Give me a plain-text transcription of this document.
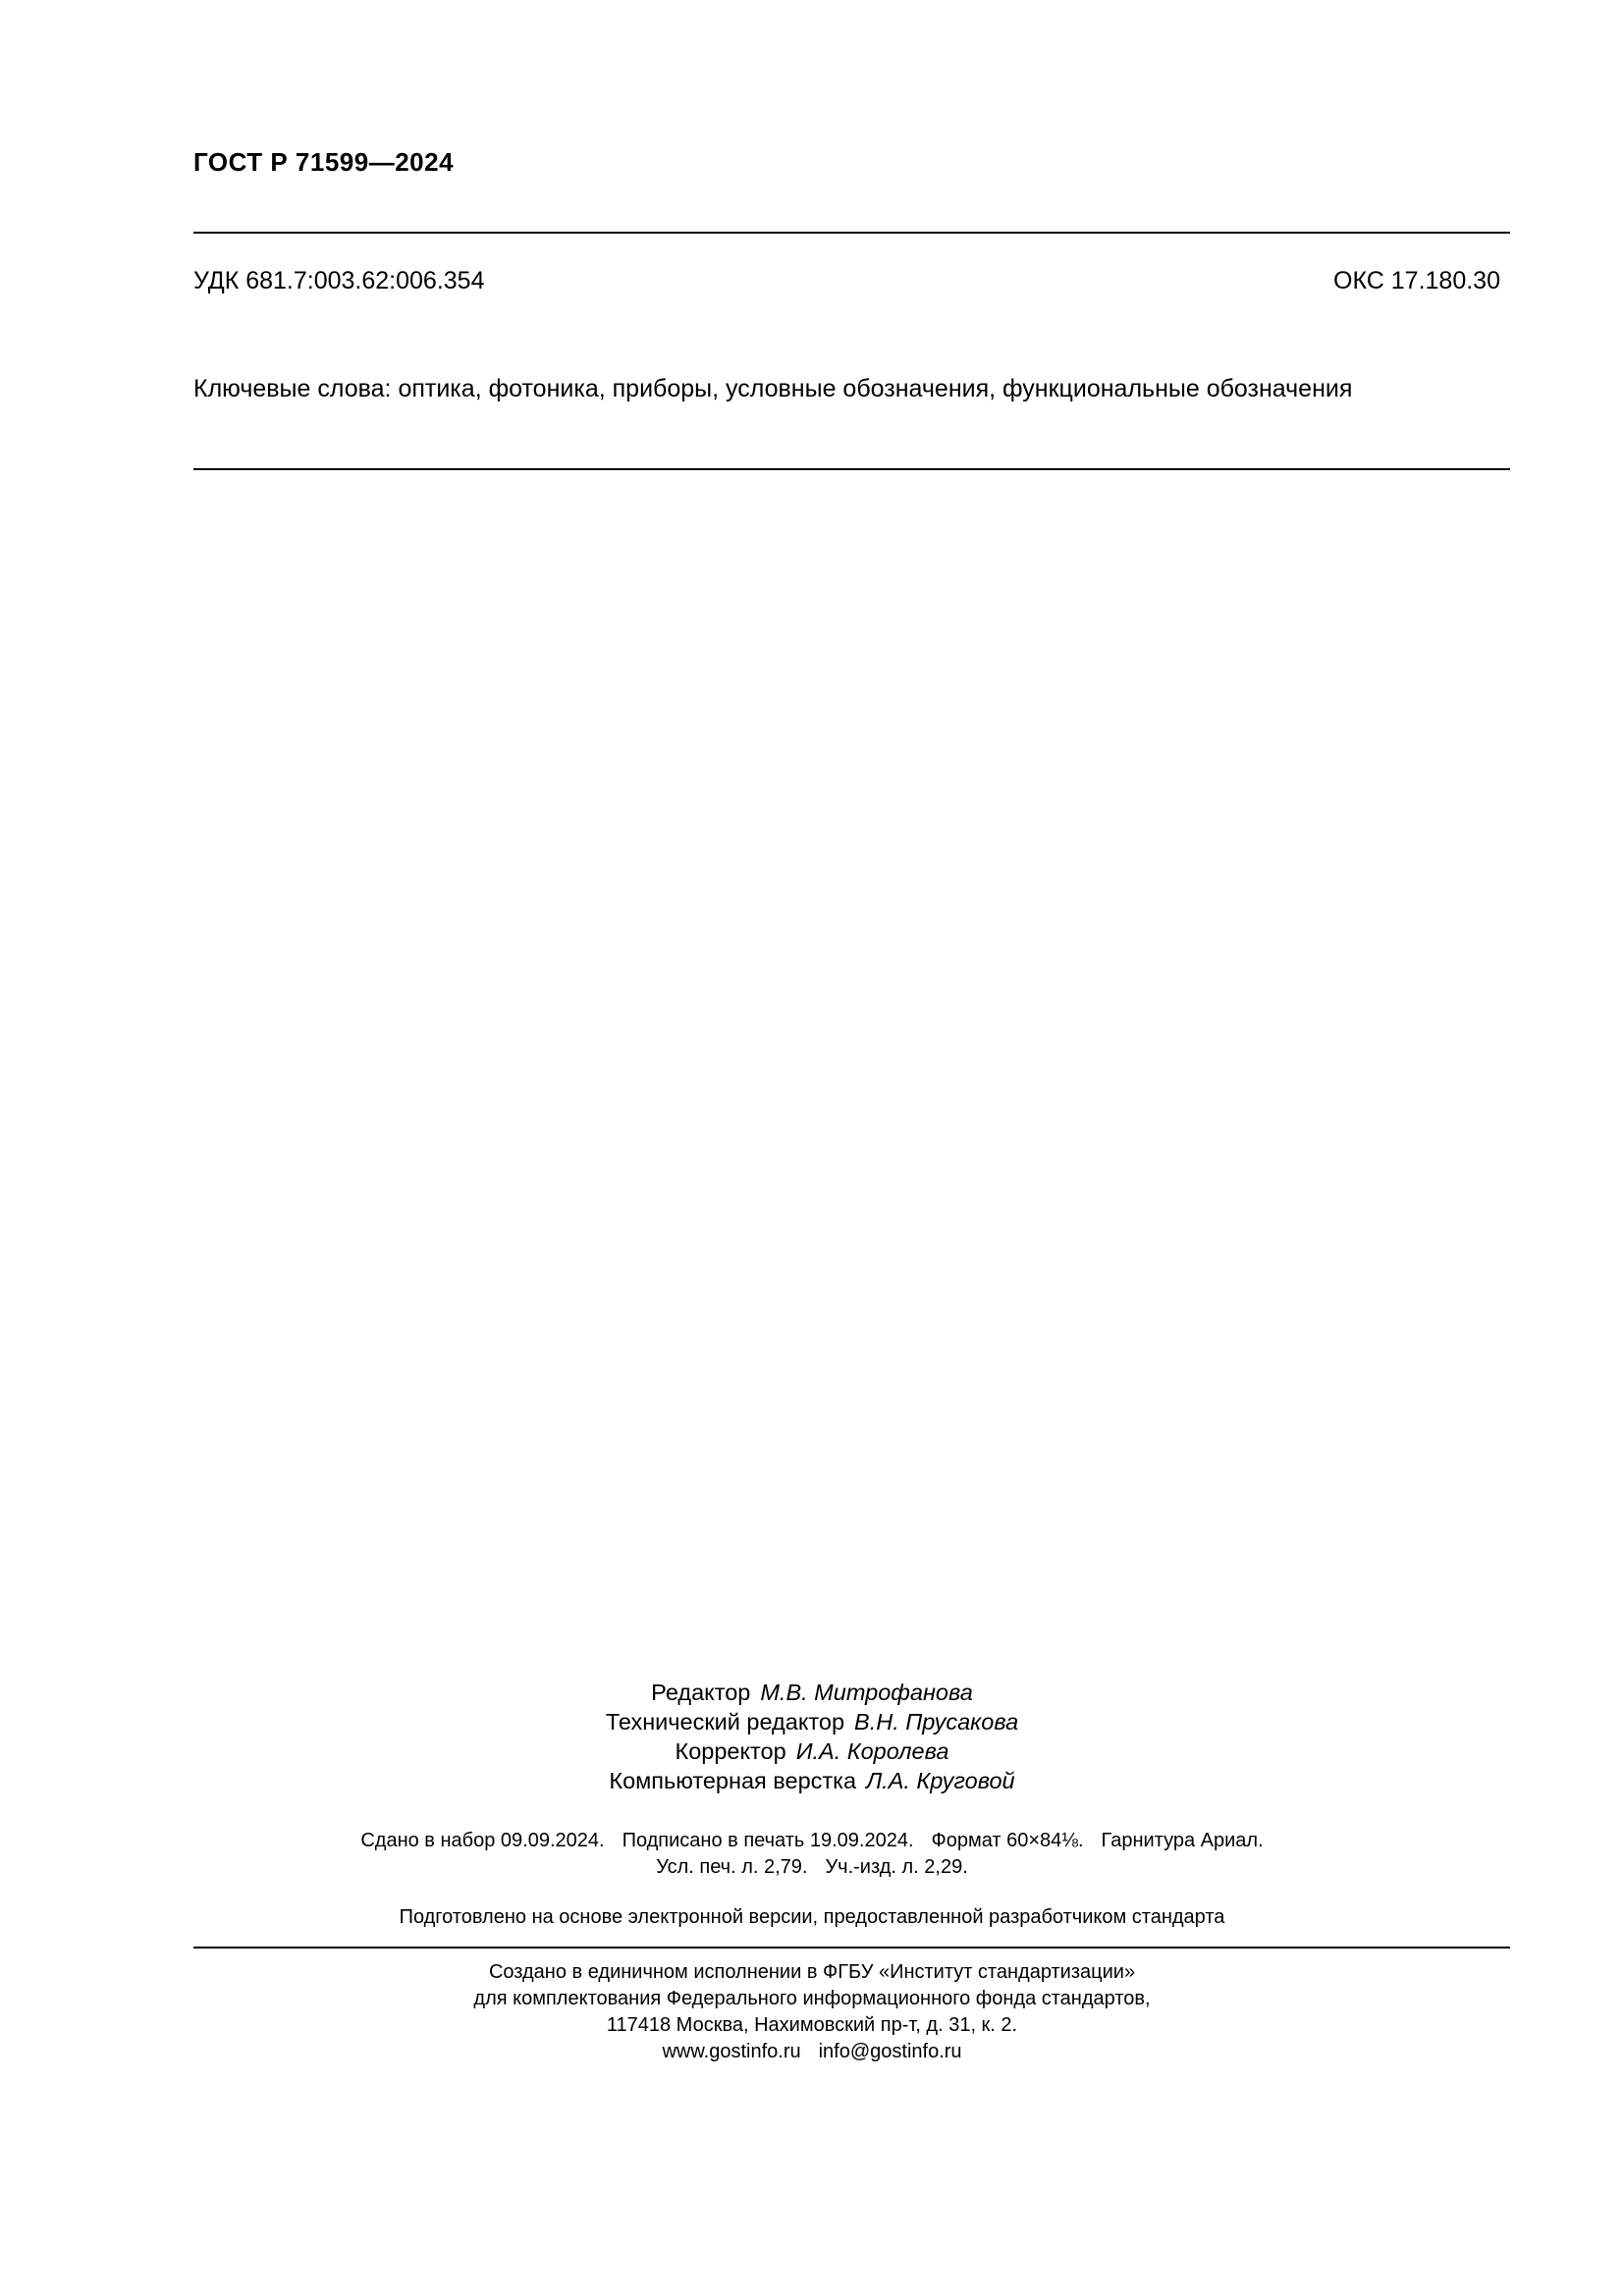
ГОСТ Р 71599—2024
УДК 681.7:003.62:006.354	ОКС 17.180.30
Ключевые слова: оптика, фотоника, приборы, условные обозначения, функциональные обозначения
Редактор М.В. Митрофанова
Технический редактор В.Н. Прусакова
Корректор И.А. Королева
Компьютерная верстка Л.А. Круговой
Сдано в набор 09.09.2024. Подписано в печать 19.09.2024. Формат 60×84⅛. Гарнитура Ариал.
Усл. печ. л. 2,79. Уч.-изд. л. 2,29.
Подготовлено на основе электронной версии, предоставленной разработчиком стандарта
Создано в единичном исполнении в ФГБУ «Институт стандартизации»
для комплектования Федерального информационного фонда стандартов,
117418 Москва, Нахимовский пр-т, д. 31, к. 2.
www.gostinfo.ru info@gostinfo.ru
